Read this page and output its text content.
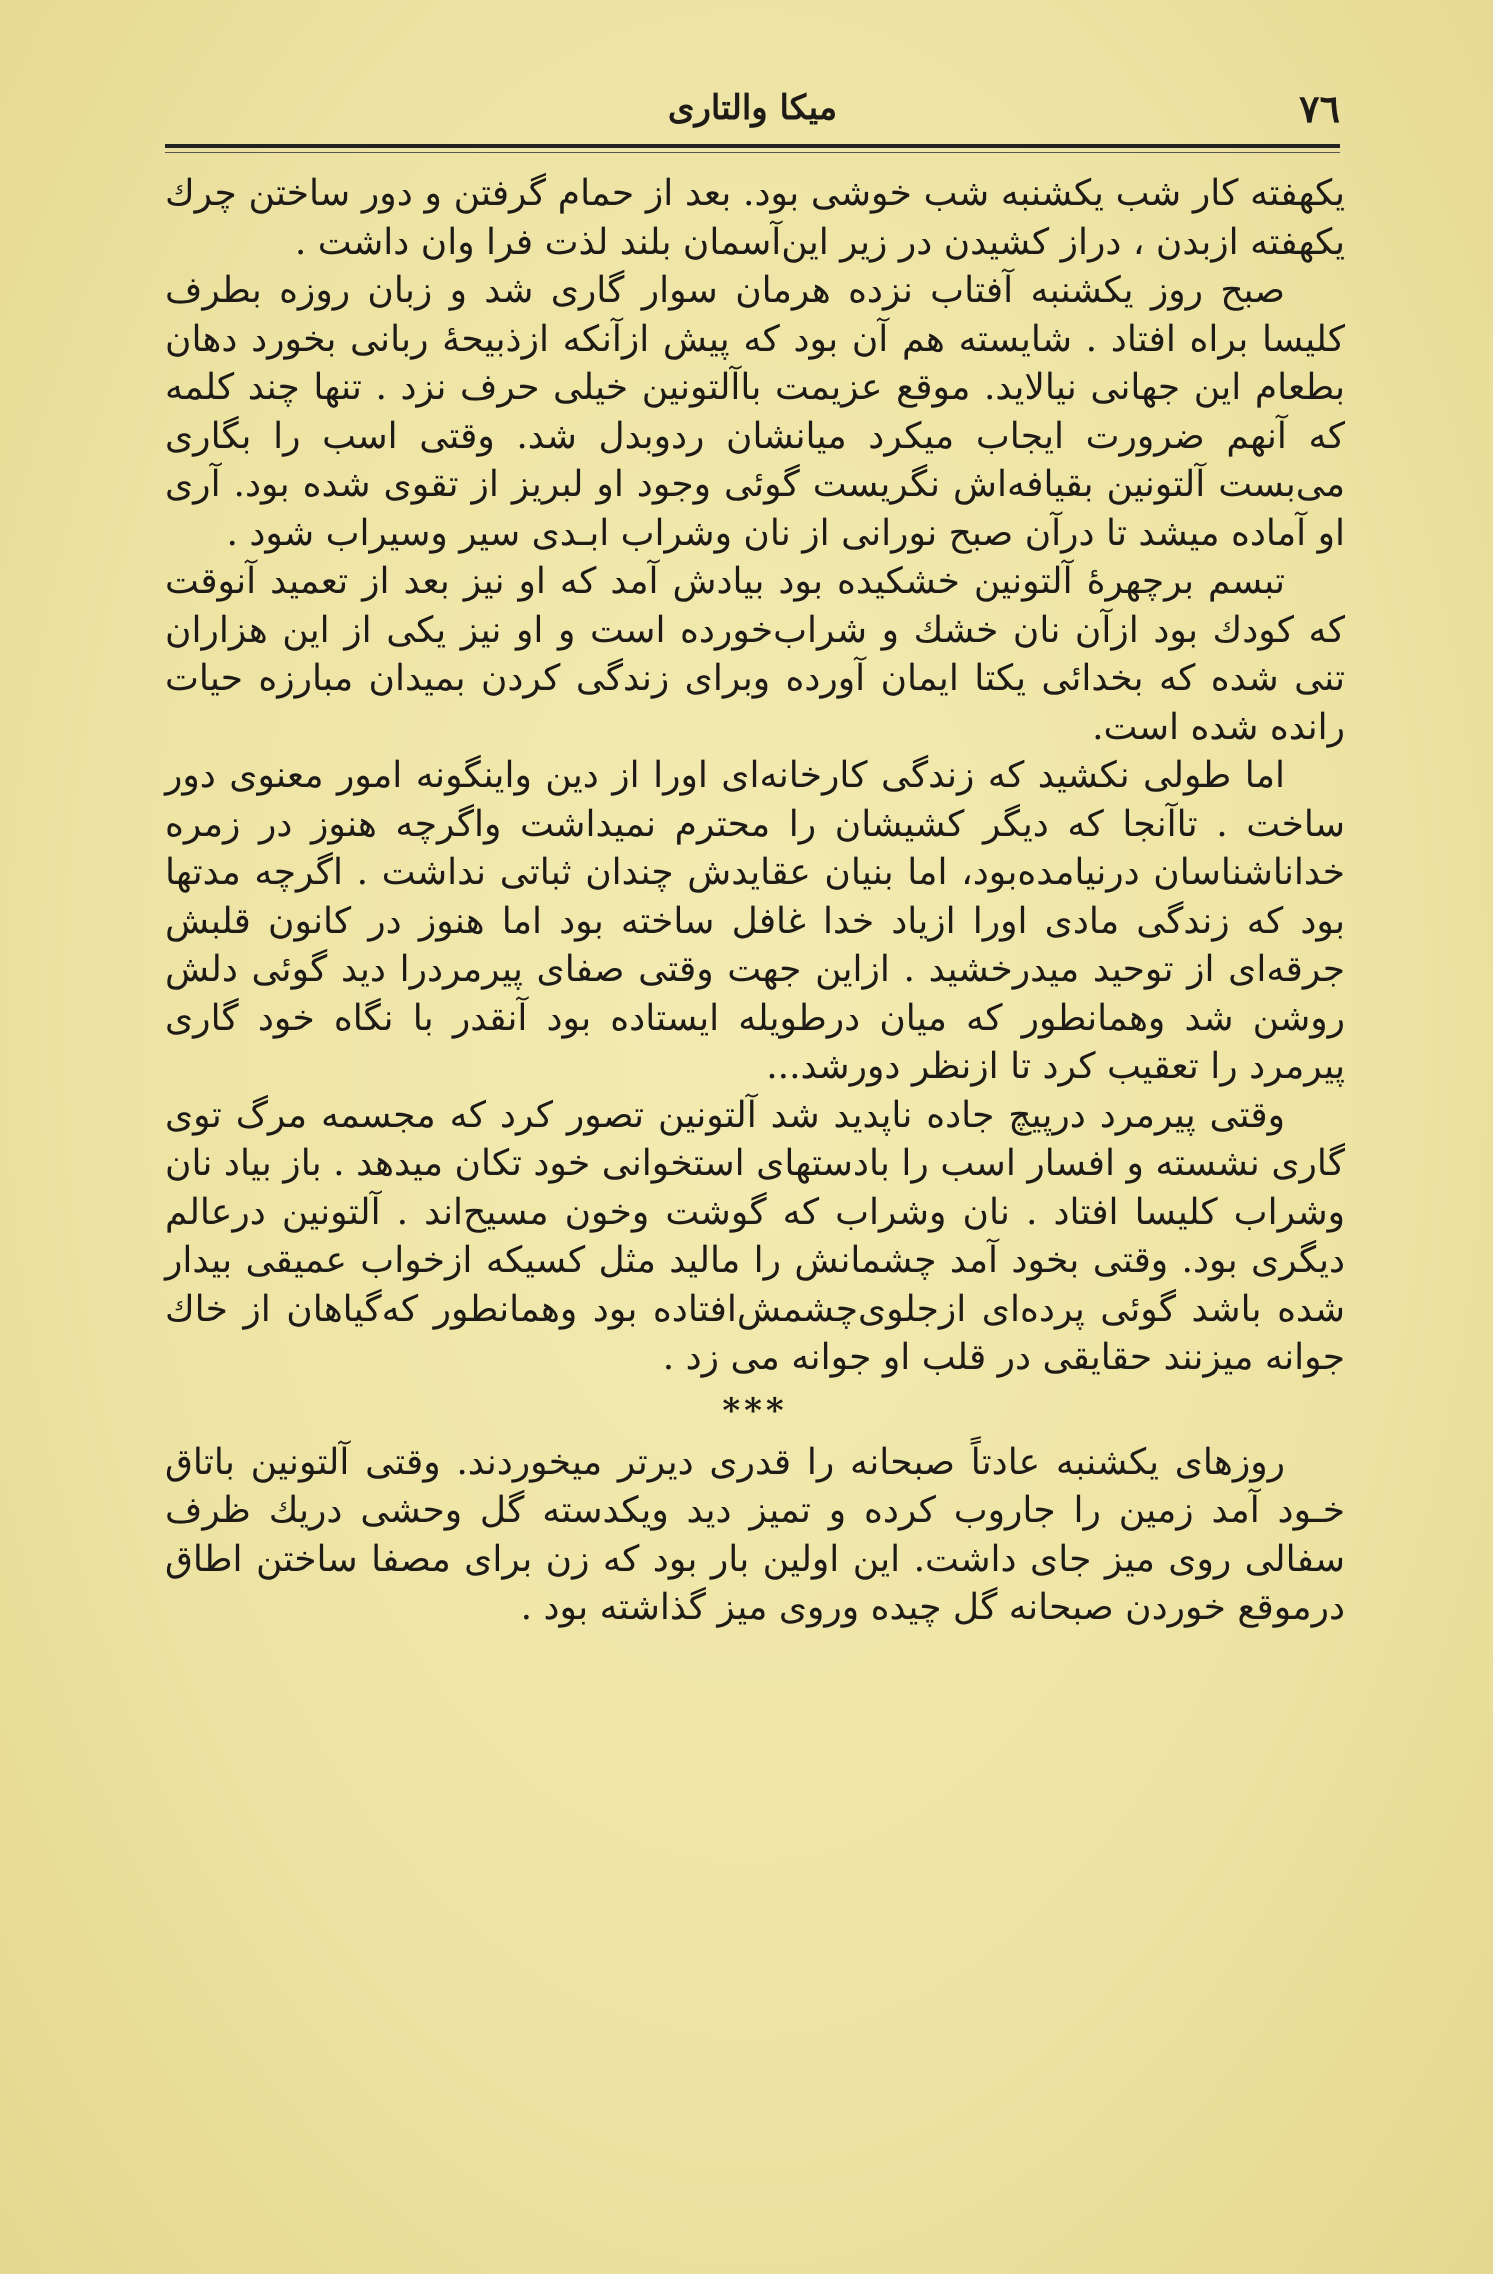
٧٦
میکا والتاری

یکهفته کار شب یکشنبه شب خوشی بود. بعد از حمام گرفتن و دور ساختن چرك یکهفته ازبدن ، دراز کشیدن در زیر این‌آسمان بلند لذت فرا وان داشت .

صبح روز یکشنبه آفتاب نزده هرمان سوار گاری شد و زبان روزه بطرف کلیسا براه افتاد . شایسته هم آن بود که پیش ازآنکه ازذبیحهٔ ربانی بخورد دهان بطعام این جهانی نیالاید. موقع عزیمت باآلتونین خیلی حرف نزد . تنها چند کلمه که آنهم ضرورت ایجاب میکرد میانشان ردوبدل شد. وقتی اسب را بگاری می‌بست آلتونین بقیافه‌اش نگریست گوئی وجود او لبریز از تقوی شده بود. آری او آماده میشد تا درآن صبح نورانی از نان وشراب ابـدی سیر وسیراب شود .

تبسم برچهرهٔ آلتونین خشکیده بود بیادش آمد که او نیز بعد از تعمید آنوقت که کودك بود ازآن نان خشك و شراب‌خورده است و او نیز یکی از این هزاران تنی شده که بخدائی یکتا ایمان آورده وبرای زندگی کردن بمیدان مبارزه حیات رانده شده است.

اما طولی نکشید که زندگی کارخانه‌ای اورا از دین واینگونه امور معنوی دور ساخت . تاآنجا که دیگر کشیشان را محترم نمیداشت واگرچه هنوز در زمره خداناشناسان درنیامده‌بود، اما بنیان عقایدش چندان ثباتی نداشت . اگرچه مدتها بود که زندگی مادی اورا ازیاد خدا غافل ساخته بود اما هنوز در کانون قلبش جرقه‌ای از توحید میدرخشید . ازاین جهت وقتی صفای پیرمردرا دید گوئی دلش روشن شد وهمانطور که میان درطویله ایستاده بود آنقدر با نگاه خود گاری پیرمرد را تعقیب کرد تا ازنظر دورشد...

وقتی پیرمرد درپیچ جاده ناپدید شد آلتونین تصور کرد که مجسمه مرگ توی گاری نشسته و افسار اسب را بادستهای استخوانی خود تکان میدهد . باز بیاد نان وشراب کلیسا افتاد . نان وشراب که گوشت وخون مسیح‌اند . آلتونین درعالم دیگری بود. وقتی بخود آمد چشمانش را مالید مثل کسیکه ازخواب عمیقی بیدار شده باشد گوئی پرده‌ای ازجلوی‌چشمش‌افتاده بود وهمانطور که‌گیاهان از خاك جوانه میزنند حقایقی در قلب او جوانه می زد .

***

روزهای یکشنبه عادتاً صبحانه را قدری دیرتر میخوردند. وقتی آلتونین باتاق خـود آمد زمین را جاروب کرده و تمیز دید ویکدسته گل وحشی دریك ظرف سفالی روی میز جای داشت. این اولین بار بود که زن برای مصفا ساختن اطاق درموقع خوردن صبحانه گل چیده وروی میز گذاشته بود .
